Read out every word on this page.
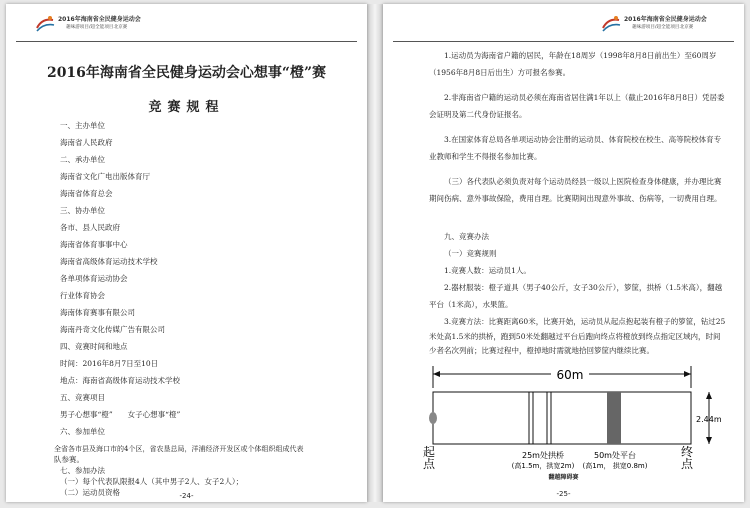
2016年海南省全民健身运动会
趣味游项目/超全能项目北京赛
2016年海南省全民健身运动会心想事“橙”赛
竞赛规程
一、主办单位
海南省人民政府
二、承办单位
海南省文化广电出版体育厅
海南省体育总会
三、协办单位
各市、县人民政府
海南省体育事事中心
海南省高级体育运动技术学校
各单项体育运动协会
行业体育协会
海南体育赛事有限公司
海南丹奇文化传媒广告有限公司
四、竞赛时间和地点
时间：2016年8月7日至10日
地点：海南省高级体育运动技术学校
五、竞赛项目
男子心想事“橙”　　女子心想事“橙”
六、参加单位
全省各市县及海口市的4个区，省农垦总局，洋浦经济开发区或个体组织组成代表
队参赛。
七、参加办法
（一）每个代表队限报4人（其中男子2人、女子2人）；
（二）运动员资格	-24-
2016年海南省全民健身运动会
趣味游项目/超全能项目北京赛
1.运动员为海南省户籍的居民，年龄在18周岁（1998年8月8日前出生）至60周岁（1956年8月8日后出生）方可报名参赛。
2.非海南省户籍的运动员必须在海南省居住满1年以上（截止2016年8月8日）凭居委会证明及第二代身份证报名。
3.在国家体育总局各单项运动协会注册的运动员、体育院校在校生、高等院校体育专业教师和学生不得报名参加比赛。
（三）各代表队必须负责对每个运动员经县一级以上医院检查身体健康，并办理比赛期间伤病、意外事故保险，费用自理。比赛期间出现意外事故、伤病等，一切费用自理。
九、竞赛办法
（一）竞赛规则
1.竞赛人数：运动员1人。
2.器材服装：橙子道具（男子40公斤，女子30公斤），箩筐，拱桥（1.5米高），翻越平台（1米高），水果篮。
3.竞赛方法：比赛距离60米，比赛开始，运动员从起点抱起装有橙子的箩筐，钻过25米处高1.5米的拱桥，跑到50米处翻越过平台后跑向终点将橙放到终点指定区域内，时间少者名次列前；比赛过程中，橙掉地时需就地拾回箩筐内继续比赛。
60m
2.44m
起
点
终
点
25m处拱桥
(高1.5m，拱宽2m)
50m处平台
(高1m， 拱宽0.8m)
翻越障碍赛
-25-
